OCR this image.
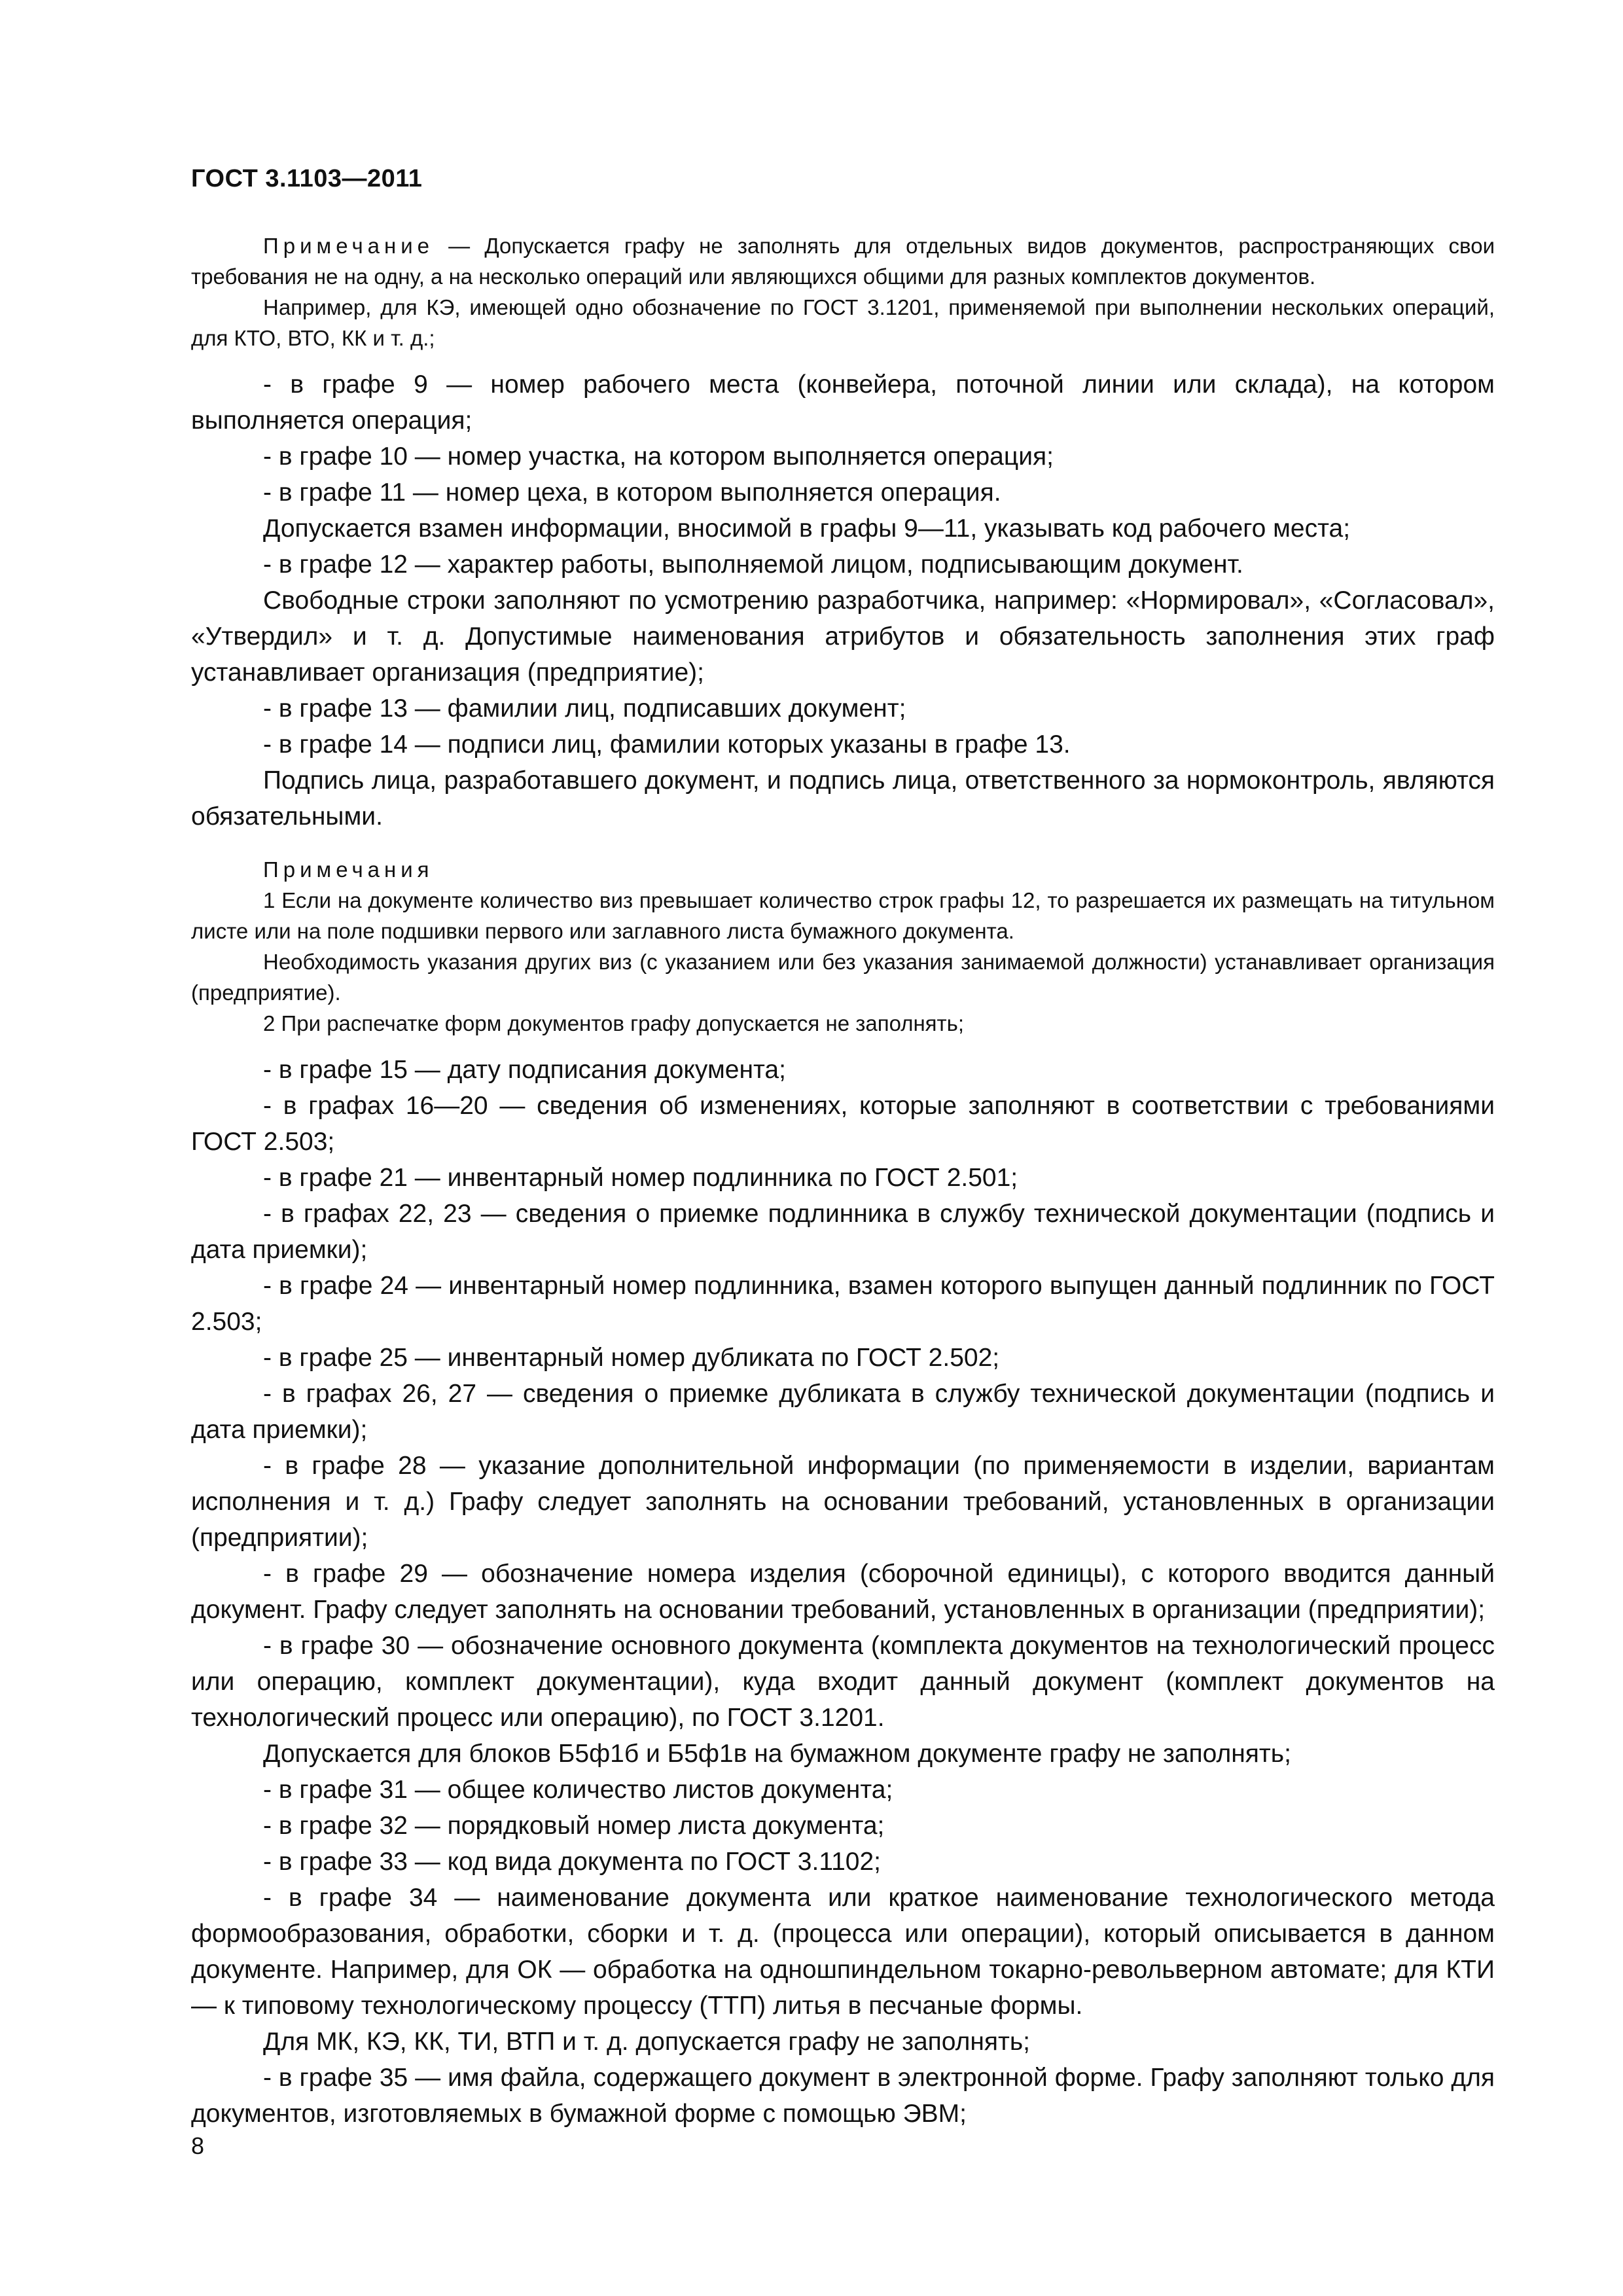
ГОСТ 3.1103—2011

Примечание — Допускается графу не заполнять для отдельных видов документов, распространяющих свои требования не на одну, а на несколько операций или являющихся общими для разных комплектов документов.

Например, для КЭ, имеющей одно обозначение по ГОСТ 3.1201, применяемой при выполнении нескольких операций, для КТО, ВТО, КК и т. д.;

- в графе 9 — номер рабочего места (конвейера, поточной линии или склада), на котором выполняется операция;

- в графе 10 — номер участка, на котором выполняется операция;

- в графе 11 — номер цеха, в котором выполняется операция.

Допускается взамен информации, вносимой в графы 9—11, указывать код рабочего места;

- в графе 12 — характер работы, выполняемой лицом, подписывающим документ.

Свободные строки заполняют по усмотрению разработчика, например: «Нормировал», «Согласовал», «Утвердил» и т. д. Допустимые наименования атрибутов и обязательность заполнения этих граф устанавливает организация (предприятие);

- в графе 13 — фамилии лиц, подписавших документ;

- в графе 14 — подписи лиц, фамилии которых указаны в графе 13.

Подпись лица, разработавшего документ, и подпись лица, ответственного за нормоконтроль, являются обязательными.

Примечания

1 Если на документе количество виз превышает количество строк графы 12, то разрешается их размещать на титульном листе или на поле подшивки первого или заглавного листа бумажного документа.

Необходимость указания других виз (с указанием или без указания занимаемой должности) устанавливает организация (предприятие).

2 При распечатке форм документов графу допускается не заполнять;

- в графе 15 — дату подписания документа;

- в графах 16—20 — сведения об изменениях, которые заполняют в соответствии с требованиями ГОСТ 2.503;

- в графе 21 — инвентарный номер подлинника по ГОСТ 2.501;

- в графах 22, 23 — сведения о приемке подлинника в службу технической документации (подпись и дата приемки);

- в графе 24 — инвентарный номер подлинника, взамен которого выпущен данный подлинник по ГОСТ 2.503;

- в графе 25 — инвентарный номер дубликата по ГОСТ 2.502;

- в графах 26, 27 — сведения о приемке дубликата в службу технической документации (подпись и дата приемки);

- в графе 28 — указание дополнительной информации (по применяемости в изделии, вариантам исполнения и т. д.) Графу следует заполнять на основании требований, установленных в организации (предприятии);

- в графе 29 — обозначение номера изделия (сборочной единицы), с которого вводится данный документ. Графу следует заполнять на основании требований, установленных в организации (предприятии);

- в графе 30 — обозначение основного документа (комплекта документов на технологический процесс или операцию, комплект документации), куда входит данный документ (комплект документов на технологический процесс или операцию), по ГОСТ 3.1201.

Допускается для блоков Б5ф1б и Б5ф1в на бумажном документе графу не заполнять;

- в графе 31 — общее количество листов документа;

- в графе 32 — порядковый номер листа документа;

- в графе 33 — код вида документа по ГОСТ 3.1102;

- в графе 34 — наименование документа или краткое наименование технологического метода формообразования, обработки, сборки и т. д. (процесса или операции), который описывается в данном документе. Например, для ОК — обработка на одношпиндельном токарно-револьверном автомате; для КТИ — к типовому технологическому процессу (ТТП) литья в песчаные формы.

Для МК, КЭ, КК, ТИ, ВТП и т. д. допускается графу не заполнять;

- в графе 35 — имя файла, содержащего документ в электронной форме. Графу заполняют только для документов, изготовляемых в бумажной форме с помощью ЭВМ;

8
